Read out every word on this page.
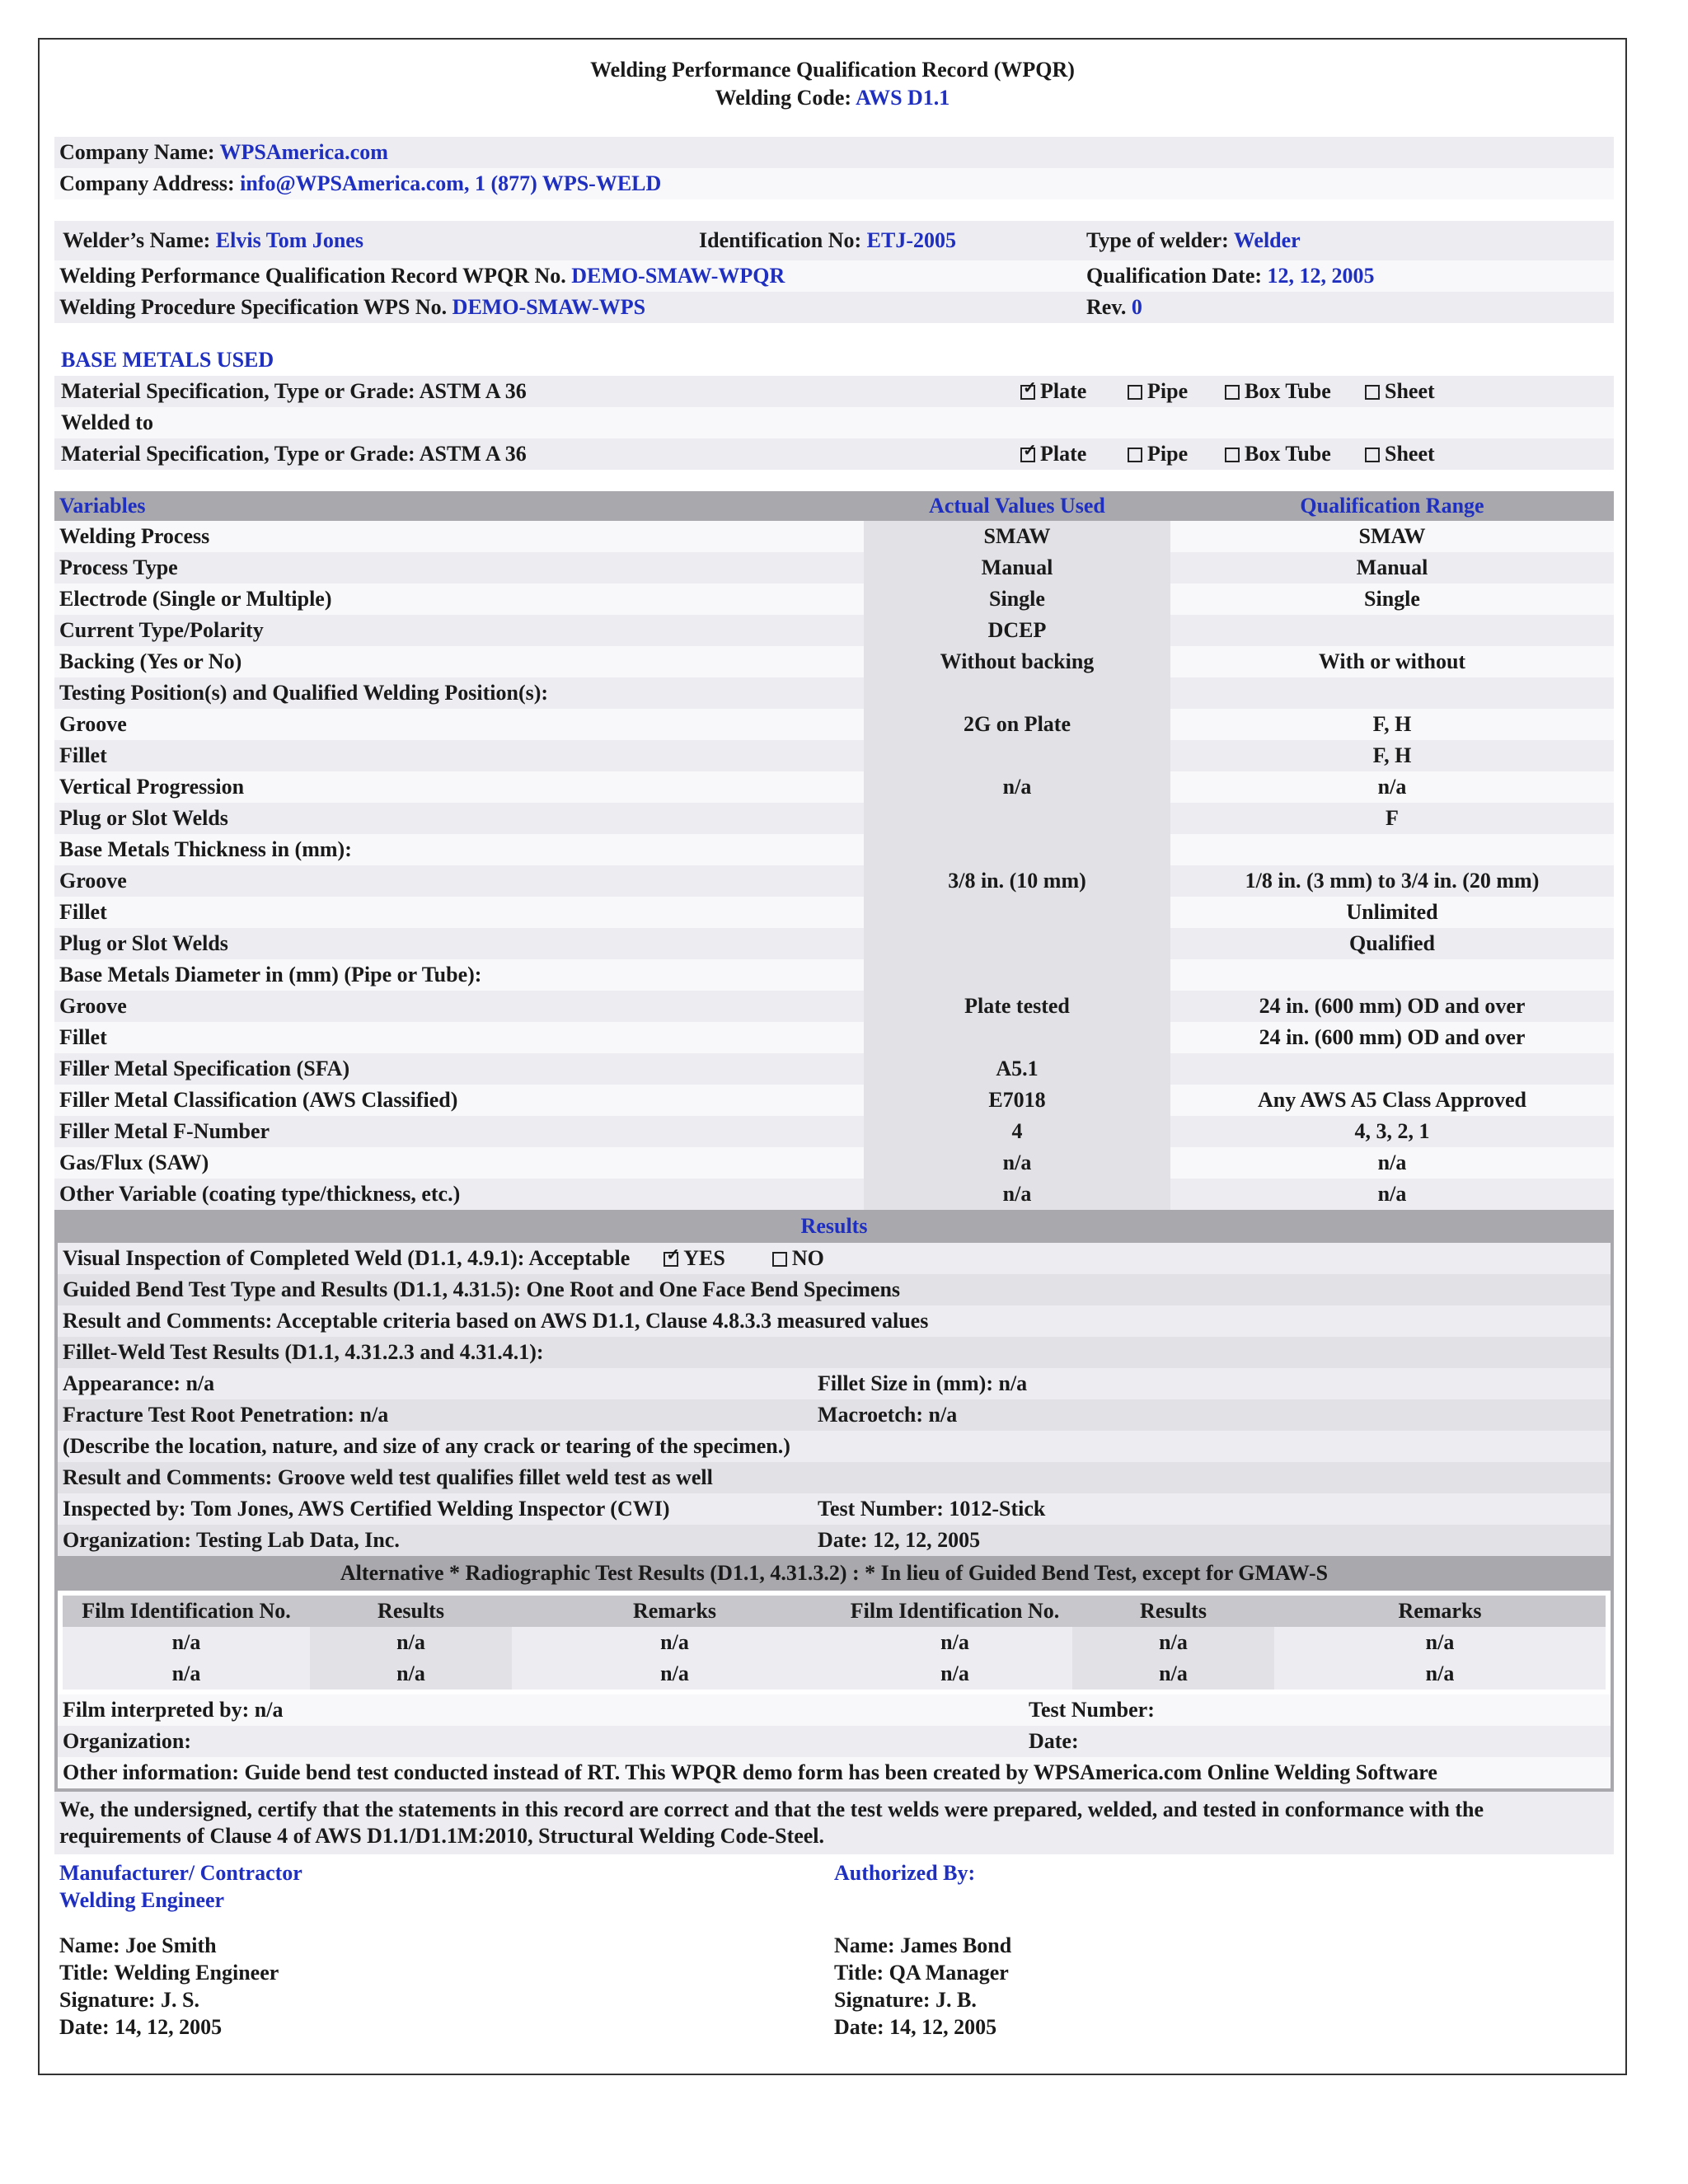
Welding Performance Qualification Record (WPQR)
Welding Code: AWS D1.1
Company Name: WPSAmerica.com
Company Address: info@WPSAmerica.com, 1 (877) WPS-WELD
Welder’s Name: Elvis Tom Jones	Identification No: ETJ-2005	Type of welder: Welder
Welding Performance Qualification Record WPQR No. DEMO-SMAW-WPQR	Qualification Date: 12, 12, 2005
Welding Procedure Specification WPS No. DEMO-SMAW-WPS	Rev. 0
BASE METALS USED
Material Specification, Type or Grade: ASTM A 36 ✓	Plate	Pipe	Box Tube	Sheet
Welded to
Material Specification, Type or Grade: ASTM A 36 ✓	Plate	Pipe	Box Tube	Sheet
Variables	Actual Values Used	Qualification Range
Welding Process	SMAW	SMAW
Process Type	Manual	Manual
Electrode (Single or Multiple)	Single	Single
Current Type/Polarity	DCEP	
Backing (Yes or No)	Without backing	With or without
Testing Position(s) and Qualified Welding Position(s):		
Groove	2G on Plate	F, H
Fillet		F, H
Vertical Progression	n/a	n/a
Plug or Slot Welds		F
Base Metals Thickness in (mm):		
Groove	3/8 in. (10 mm)	1/8 in. (3 mm) to 3/4 in. (20 mm)
Fillet		Unlimited
Plug or Slot Welds		Qualified
Base Metals Diameter in (mm) (Pipe or Tube):		
Groove	Plate tested	24 in. (600 mm) OD and over
Fillet		24 in. (600 mm) OD and over
Filler Metal Specification (SFA)	A5.1	
Filler Metal Classification (AWS Classified)	E7018	Any AWS A5 Class Approved
Filler Metal F-Number	4	4, 3, 2, 1
Gas/Flux (SAW)	n/a	n/a
Other Variable (coating type/thickness, etc.)	n/a	n/a
Results
Visual Inspection of Completed Weld (D1.1, 4.9.1): Acceptable ✓	YES	NO
Guided Bend Test Type and Results (D1.1, 4.31.5): One Root and One Face Bend Specimens
Result and Comments: Acceptable criteria based on AWS D1.1, Clause 4.8.3.3 measured values
Fillet-Weld Test Results (D1.1, 4.31.2.3 and 4.31.4.1):
Appearance: n/a	Fillet Size in (mm): n/a
Fracture Test Root Penetration: n/a	Macroetch: n/a
(Describe the location, nature, and size of any crack or tearing of the specimen.)
Result and Comments: Groove weld test qualifies fillet weld test as well
Inspected by: Tom Jones, AWS Certified Welding Inspector (CWI)	Test Number: 1012-Stick
Organization: Testing Lab Data, Inc.	Date: 12, 12, 2005
Alternative * Radiographic Test Results (D1.1, 4.31.3.2) : * In lieu of Guided Bend Test, except for GMAW-S
Film Identification No.	Results	Remarks	Film Identification No.	Results	Remarks
n/a	n/a	n/a	n/a	n/a	n/a
n/a	n/a	n/a	n/a	n/a	n/a
Film interpreted by: n/a	Test Number:
Organization:	Date:
Other information: Guide bend test conducted instead of RT. This WPQR demo form has been created by WPSAmerica.com Online Welding Software
We, the undersigned, certify that the statements in this record are correct and that the test welds were prepared, welded, and tested in conformance with the requirements of Clause 4 of AWS D1.1/D1.1M:2010, Structural Welding Code-Steel.
Manufacturer/ Contractor
Welding Engineer
Name: Joe Smith
Title: Welding Engineer
Signature: J. S.
Date: 14, 12, 2005
Authorized By:
Name: James Bond
Title: QA Manager
Signature: J. B.
Date: 14, 12, 2005
